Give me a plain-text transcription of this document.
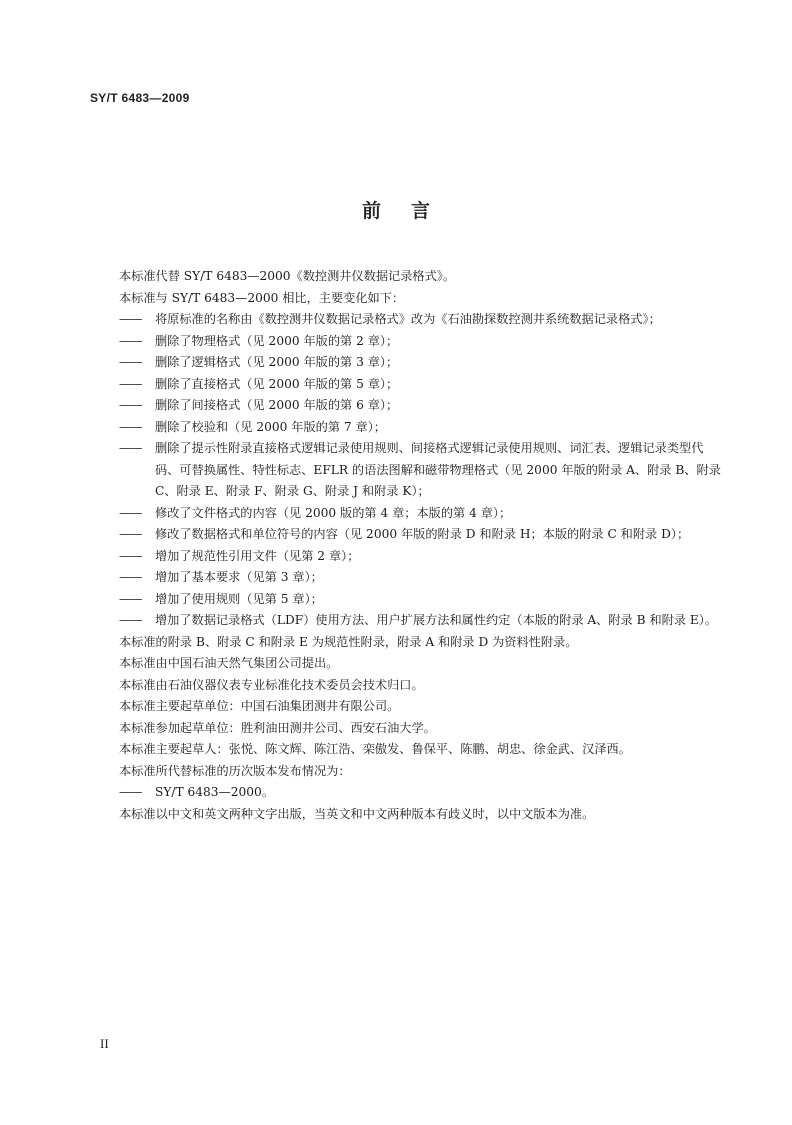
SY/T 6483—2009
前言
本标准代替 SY/T 6483—2000《数控测井仪数据记录格式》。
本标准与 SY/T 6483—2000 相比，主要变化如下：
——	将原标准的名称由《数控测井仪数据记录格式》改为《石油勘探数控测井系统数据记录格式》；
——	删除了物理格式（见 2000 年版的第 2 章）；
——	删除了逻辑格式（见 2000 年版的第 3 章）；
——	删除了直接格式（见 2000 年版的第 5 章）；
——	删除了间接格式（见 2000 年版的第 6 章）；
——	删除了校验和（见 2000 年版的第 7 章）；
——	删除了提示性附录直接格式逻辑记录使用规则、间接格式逻辑记录使用规则、词汇表、逻辑记录类型代码、可替换属性、特性标志、EFLR 的语法图解和磁带物理格式（见 2000 年版的附录 A、附录 B、附录 C、附录 E、附录 F、附录 G、附录 J 和附录 K）；
——	修改了文件格式的内容（见 2000 版的第 4 章；本版的第 4 章）；
——	修改了数据格式和单位符号的内容（见 2000 年版的附录 D 和附录 H；本版的附录 C 和附录 D）；
——	增加了规范性引用文件（见第 2 章）；
——	增加了基本要求（见第 3 章）；
——	增加了使用规则（见第 5 章）；
——	增加了数据记录格式（LDF）使用方法、用户扩展方法和属性约定（本版的附录 A、附录 B 和附录 E）。
本标准的附录 B、附录 C 和附录 E 为规范性附录，附录 A 和附录 D 为资料性附录。
本标准由中国石油天然气集团公司提出。
本标准由石油仪器仪表专业标准化技术委员会技术归口。
本标准主要起草单位：中国石油集团测井有限公司。
本标准参加起草单位：胜利油田测井公司、西安石油大学。
本标准主要起草人：张悦、陈文辉、陈江浩、栾傲发、鲁保平、陈鹏、胡忠、徐金武、汉泽西。
本标准所代替标准的历次版本发布情况为：
——	SY/T 6483—2000。
本标准以中文和英文两种文字出版，当英文和中文两种版本有歧义时，以中文版本为准。
II
